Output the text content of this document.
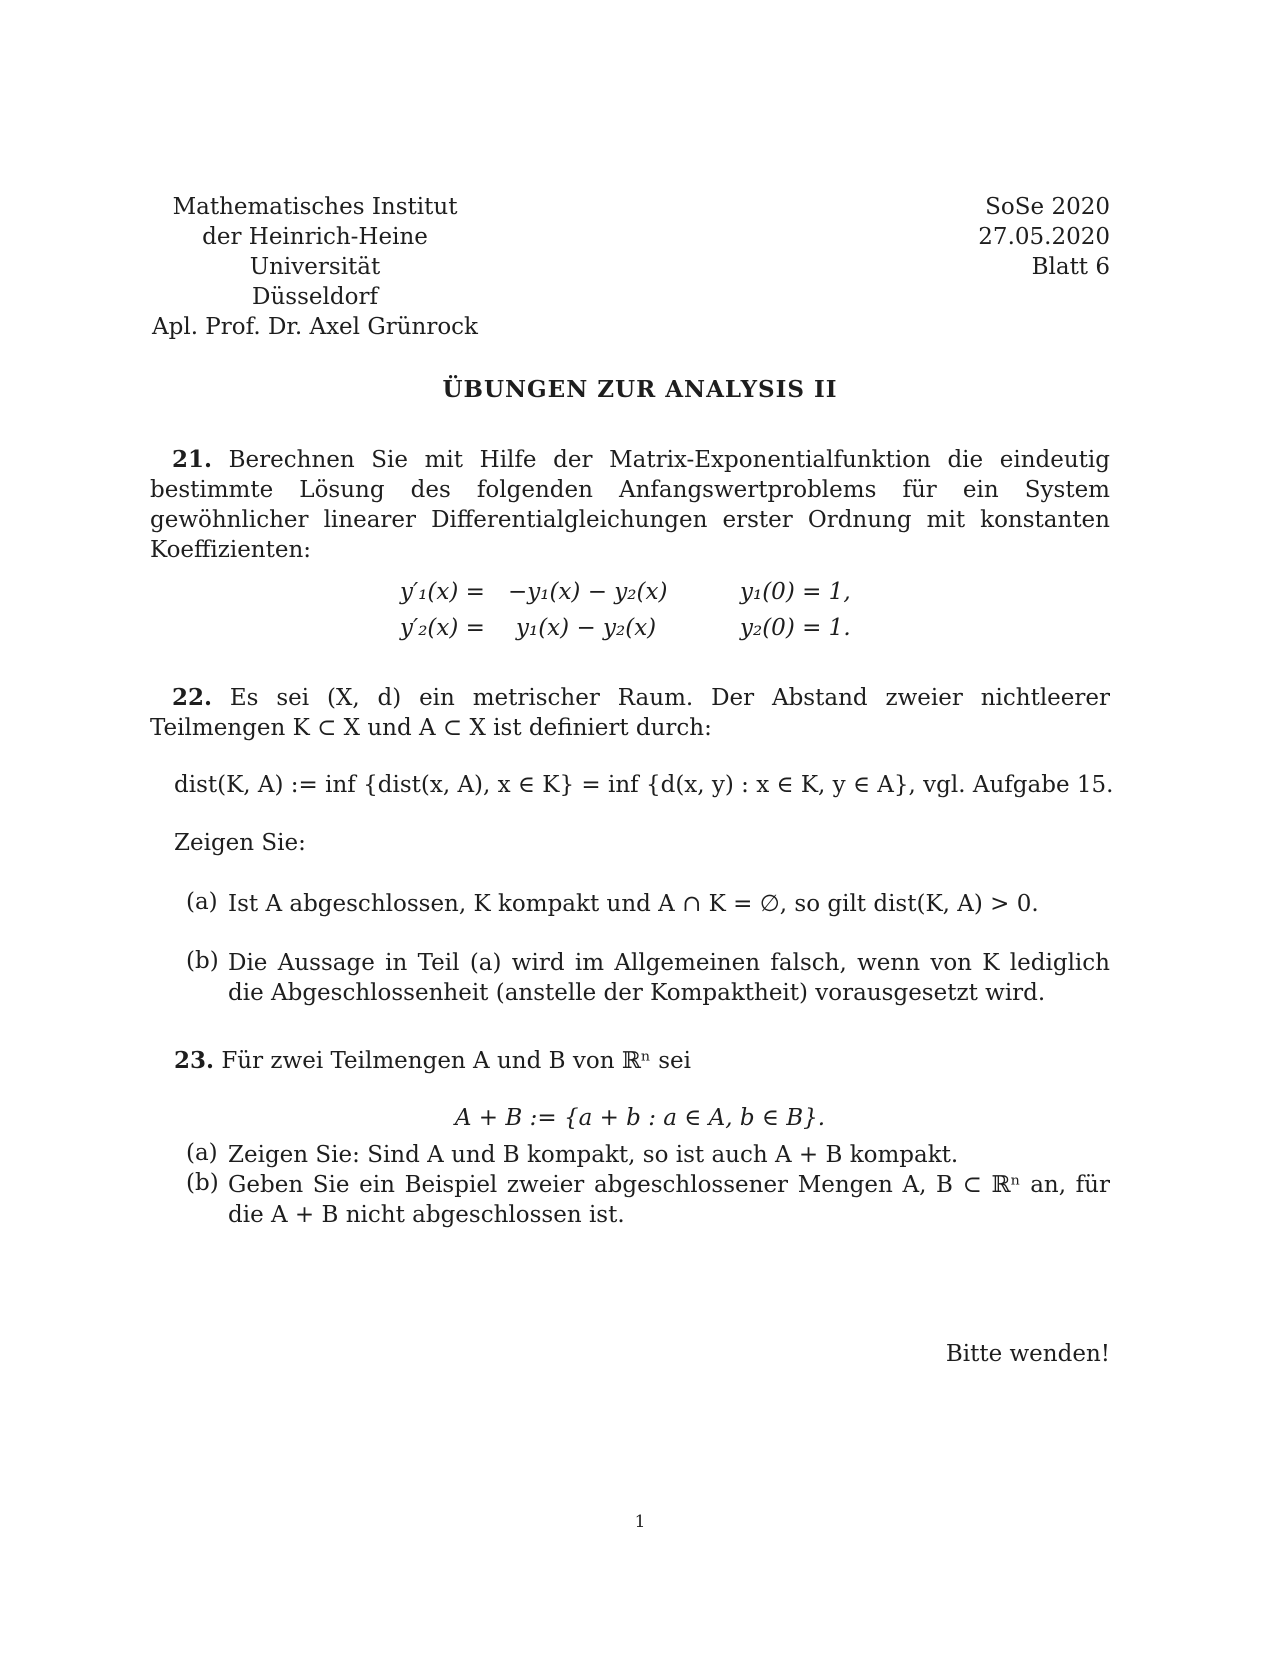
Mathematisches Institut
der Heinrich-Heine Universität
Düsseldorf
Apl. Prof. Dr. Axel Grünrock
SoSe 2020
27.05.2020
Blatt 6
ÜBUNGEN ZUR ANALYSIS II
21. Berechnen Sie mit Hilfe der Matrix-Exponentialfunktion die eindeutig bestimmte Lösung des folgenden Anfangswertproblems für ein System gewöhnlicher linearer Differentialgleichungen erster Ordnung mit konstanten Koeffizienten:
y′₁(x) = −y₁(x) − y₂(x)	y₁(0) = 1,
y′₂(x) = y₁(x) − y₂(x)	y₂(0) = 1.
22. Es sei (X, d) ein metrischer Raum. Der Abstand zweier nichtleerer Teilmengen K ⊂ X und A ⊂ X ist definiert durch:
dist(K, A) := inf {dist(x, A), x ∈ K} = inf {d(x, y) : x ∈ K, y ∈ A}, vgl. Aufgabe 15.
Zeigen Sie:
(a) Ist A abgeschlossen, K kompakt und A ∩ K = ∅, so gilt dist(K, A) > 0.
(b) Die Aussage in Teil (a) wird im Allgemeinen falsch, wenn von K lediglich die Abgeschlossenheit (anstelle der Kompaktheit) vorausgesetzt wird.
23. Für zwei Teilmengen A und B von ℝⁿ sei
A + B := {a + b : a ∈ A, b ∈ B}.
(a) Zeigen Sie: Sind A und B kompakt, so ist auch A + B kompakt.
(b) Geben Sie ein Beispiel zweier abgeschlossener Mengen A, B ⊂ ℝⁿ an, für die A + B nicht abgeschlossen ist.
Bitte wenden!
1
